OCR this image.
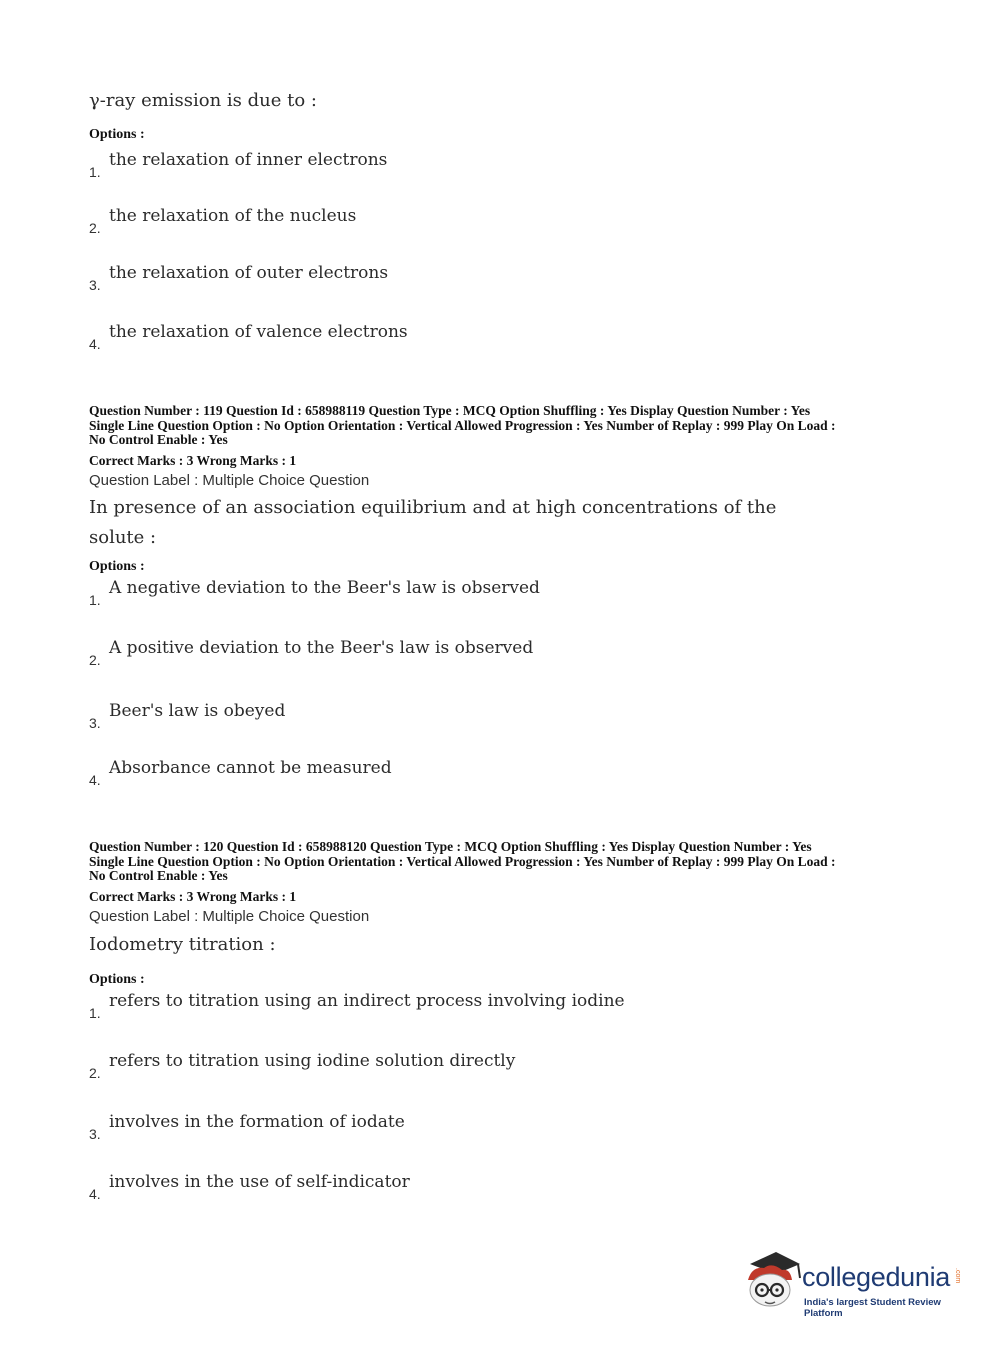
γ-ray emission is due to :
Options :
1.
the relaxation of inner electrons
2.
the relaxation of the nucleus
3.
the relaxation of outer electrons
4.
the relaxation of valence electrons
Question Number : 119 Question Id : 658988119 Question Type : MCQ Option Shuffling : Yes Display Question Number : Yes
Single Line Question Option : No Option Orientation : Vertical Allowed Progression : Yes Number of Replay : 999 Play On Load :
No Control Enable : Yes
Correct Marks : 3 Wrong Marks : 1
Question Label : Multiple Choice Question
In presence of an association equilibrium and at high concentrations of the
solute :
Options :
1.
A negative deviation to the Beer's law is observed
2.
A positive deviation to the Beer's law is observed
3.
Beer's law is obeyed
4.
Absorbance cannot be measured
Question Number : 120 Question Id : 658988120 Question Type : MCQ Option Shuffling : Yes Display Question Number : Yes
Single Line Question Option : No Option Orientation : Vertical Allowed Progression : Yes Number of Replay : 999 Play On Load :
No Control Enable : Yes
Correct Marks : 3 Wrong Marks : 1
Question Label : Multiple Choice Question
Iodometry titration :
Options :
1.
refers to titration using an indirect process involving iodine
2.
refers to titration using iodine solution directly
3.
involves in the formation of iodate
4.
involves in the use of self-indicator
collegedunia .com
India's largest Student Review Platform
